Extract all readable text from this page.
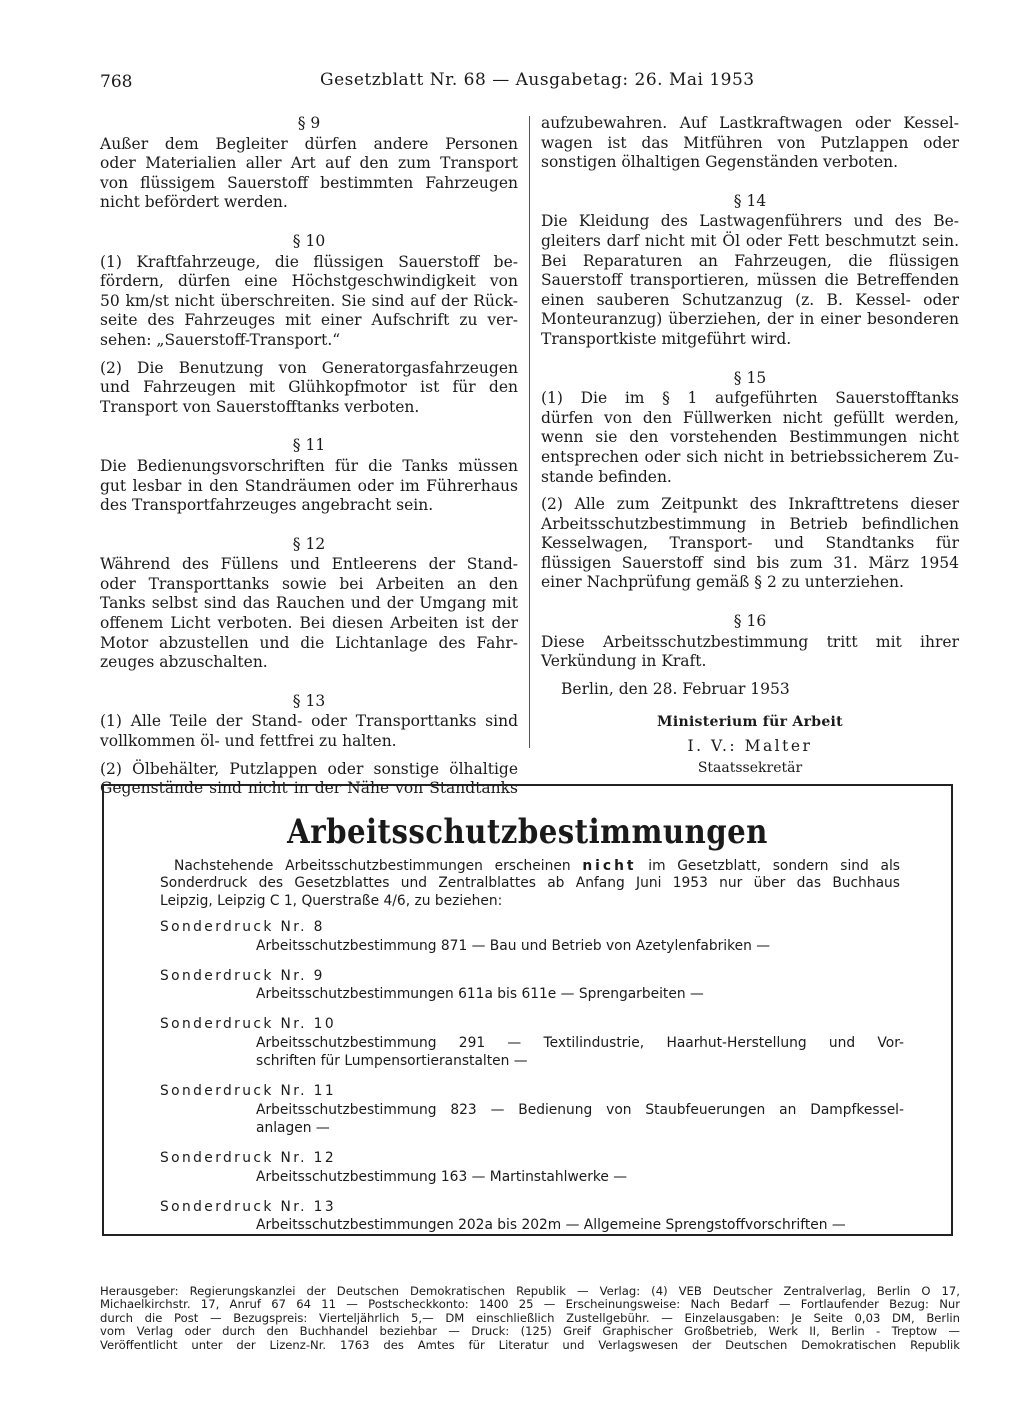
768	Gesetzblatt Nr. 68 — Ausgabetag: 26. Mai 1953

§ 9

Außer dem Begleiter dürfen andere Personen

oder Materialien aller Art auf den zum Transport

von flüssigem Sauerstoff bestimmten Fahrzeugen

nicht befördert werden.

§ 10

(1) Kraftfahrzeuge, die flüssigen Sauerstoff be-

fördern, dürfen eine Höchstgeschwindigkeit von

50 km/st nicht überschreiten. Sie sind auf der Rück-

seite des Fahrzeuges mit einer Aufschrift zu ver-

sehen: „Sauerstoff-Transport.“

(2) Die Benutzung von Generatorgasfahrzeugen

und Fahrzeugen mit Glühkopfmotor ist für den

Transport von Sauerstofftanks verboten.

§ 11

Die Bedienungsvorschriften für die Tanks müssen

gut lesbar in den Standräumen oder im Führerhaus

des Transportfahrzeuges angebracht sein.

§ 12

Während des Füllens und Entleerens der Stand-

oder Transporttanks sowie bei Arbeiten an den

Tanks selbst sind das Rauchen und der Umgang mit

offenem Licht verboten. Bei diesen Arbeiten ist der

Motor abzustellen und die Lichtanlage des Fahr-

zeuges abzuschalten.

§ 13

(1) Alle Teile der Stand- oder Transporttanks sind

vollkommen öl- und fettfrei zu halten.

(2) Ölbehälter, Putzlappen oder sonstige ölhaltige

Gegenstände sind nicht in der Nähe von Standtanks

aufzubewahren. Auf Lastkraftwagen oder Kessel-

wagen ist das Mitführen von Putzlappen oder

sonstigen ölhaltigen Gegenständen verboten.

§ 14

Die Kleidung des Lastwagenführers und des Be-

gleiters darf nicht mit Öl oder Fett beschmutzt sein.

Bei Reparaturen an Fahrzeugen, die flüssigen

Sauerstoff transportieren, müssen die Betreffenden

einen sauberen Schutzanzug (z. B. Kessel- oder

Monteuranzug) überziehen, der in einer besonderen

Transportkiste mitgeführt wird.

§ 15

(1) Die im § 1 aufgeführten Sauerstofftanks

dürfen von den Füllwerken nicht gefüllt werden,

wenn sie den vorstehenden Bestimmungen nicht

entsprechen oder sich nicht in betriebssicherem Zu-

stande befinden.

(2) Alle zum Zeitpunkt des Inkrafttretens dieser

Arbeitsschutzbestimmung in Betrieb befindlichen

Kesselwagen, Transport- und Standtanks für

flüssigen Sauerstoff sind bis zum 31. März 1954

einer Nachprüfung gemäß § 2 zu unterziehen.

§ 16

Diese Arbeitsschutzbestimmung tritt mit ihrer

Verkündung in Kraft.

Berlin, den 28. Februar 1953

Ministerium für Arbeit

I. V.: Malter

Staatssekretär

Arbeitsschutzbestimmungen

Nachstehende Arbeitsschutzbestimmungen erscheinen nicht im Gesetzblatt, sondern sind als

Sonderdruck des Gesetzblattes und Zentralblattes ab Anfang Juni 1953 nur über das Buchhaus

Leipzig, Leipzig C 1, Querstraße 4/6, zu beziehen:

Sonderdruck Nr. 8

Arbeitsschutzbestimmung 871 — Bau und Betrieb von Azetylenfabriken —

Sonderdruck Nr. 9

Arbeitsschutzbestimmungen 611a bis 611e — Sprengarbeiten —

Sonderdruck Nr. 10

Arbeitsschutzbestimmung 291 — Textilindustrie, Haarhut-Herstellung und Vor-

schriften für Lumpensortieranstalten —

Sonderdruck Nr. 11

Arbeitsschutzbestimmung 823 — Bedienung von Staubfeuerungen an Dampfkessel-

anlagen —

Sonderdruck Nr. 12

Arbeitsschutzbestimmung 163 — Martinstahlwerke —

Sonderdruck Nr. 13

Arbeitsschutzbestimmungen 202a bis 202m — Allgemeine Sprengstoffvorschriften —

Herausgeber: Regierungskanzlei der Deutschen Demokratischen Republik — Verlag: (4) VEB Deutscher Zentralverlag, Berlin O 17,

Michaelkirchstr. 17, Anruf 67 64 11 — Postscheckkonto: 1400 25 — Erscheinungsweise: Nach Bedarf — Fortlaufender Bezug: Nur

durch die Post — Bezugspreis: Vierteljährlich 5,— DM einschließlich Zustellgebühr. — Einzelausgaben: Je Seite 0,03 DM, Berlin

vom Verlag oder durch den Buchhandel beziehbar — Druck: (125) Greif Graphischer Großbetrieb, Werk II, Berlin - Treptow —

Veröffentlicht unter der Lizenz-Nr. 1763 des Amtes für Literatur und Verlagswesen der Deutschen Demokratischen Republik
